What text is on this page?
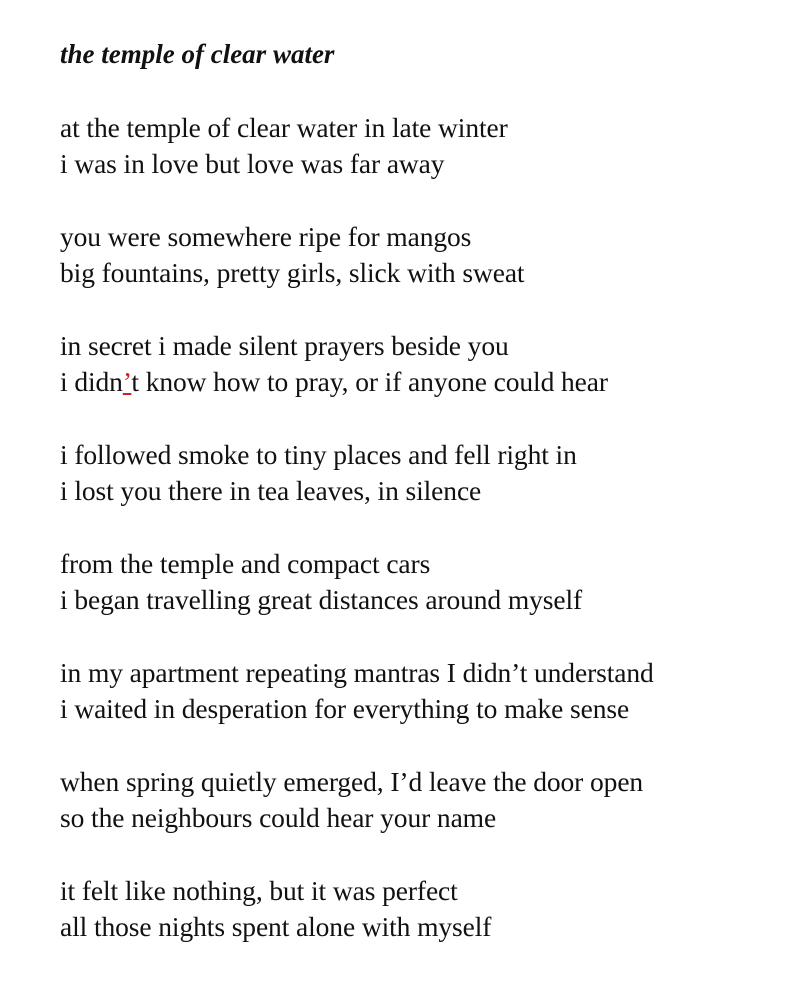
the temple of clear water
at the temple of clear water in late winter
i was in love but love was far away
you were somewhere ripe for mangos
big fountains, pretty girls, slick with sweat
in secret i made silent prayers beside you
i didn’t know how to pray, or if anyone could hear
i followed smoke to tiny places and fell right in
i lost you there in tea leaves, in silence
from the temple and compact cars
i began travelling great distances around myself
in my apartment repeating mantras I didn’t understand
i waited in desperation for everything to make sense
when spring quietly emerged, I’d leave the door open
so the neighbours could hear your name
it felt like nothing, but it was perfect
all those nights spent alone with myself
